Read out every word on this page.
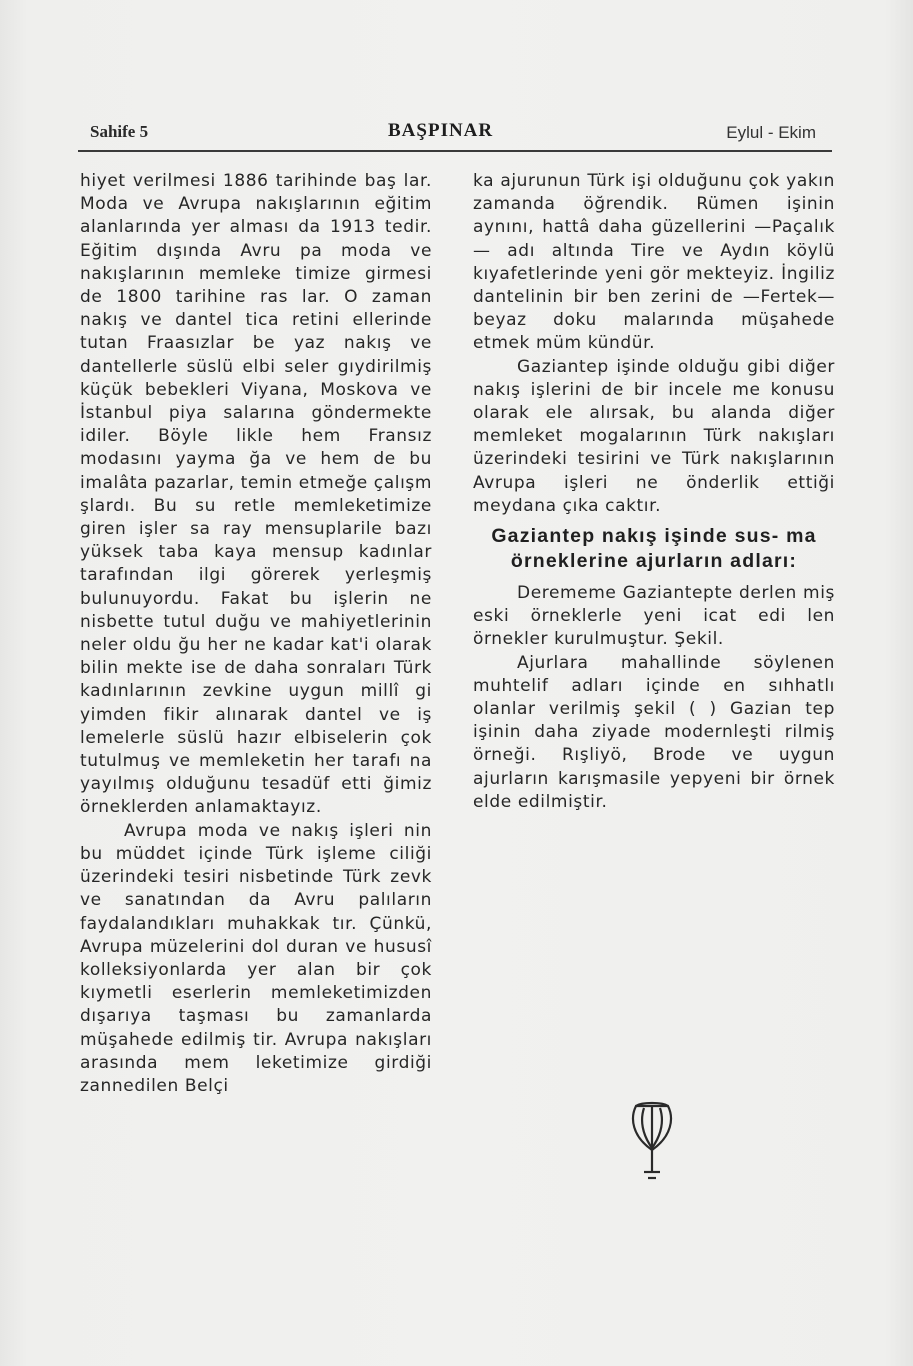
Sahife 5	BAŞPINAR	Eylul - Ekim

hiyet verilmesi 1886 tarihinde baş lar. Moda ve Avrupa nakışlarının eğitim alanlarında yer alması da 1913 tedir. Eğitim dışında Avru pa moda ve nakışlarının memleke timize girmesi de 1800 tarihine ras lar. O zaman nakış ve dantel tica retini ellerinde tutan Fraasızlar be yaz nakış ve dantellerle süslü elbi seler gıydirilmiş küçük bebekleri Viyana, Moskova ve İstanbul piya salarına göndermekte idiler. Böyle likle hem Fransız modasını yayma ğa ve hem de bu imalâta pazarlar, temin etmeğe çalışm şlardı. Bu su retle memleketimize giren işler sa ray mensuplarile bazı yüksek taba kaya mensup kadınlar tarafından ilgi görerek yerleşmiş bulunuyordu. Fakat bu işlerin ne nisbette tutul duğu ve mahiyetlerinin neler oldu ğu her ne kadar kat'i olarak bilin mekte ise de daha sonraları Türk kadınlarının zevkine uygun millî gi yimden fikir alınarak dantel ve iş lemelerle süslü hazır elbiselerin çok tutulmuş ve memleketin her tarafı na yayılmış olduğunu tesadüf etti ğimiz örneklerden anlamaktayız.

Avrupa moda ve nakış işleri nin bu müddet içinde Türk işleme ciliği üzerindeki tesiri nisbetinde Türk zevk ve sanatından da Avru palıların faydalandıkları muhakkak tır. Çünkü, Avrupa müzelerini dol duran ve hususî kolleksiyonlarda yer alan bir çok kıymetli eserlerin memleketimizden dışarıya taşması bu zamanlarda müşahede edilmiş tir. Avrupa nakışları arasında mem leketimize girdiği zannedilen Belçi

ka ajurunun Türk işi olduğunu çok yakın zamanda öğrendik. Rümen işinin aynını, hattâ daha güzellerini —Paçalık— adı altında Tire ve Aydın köylü kıyafetlerinde yeni gör mekteyiz. İngiliz dantelinin bir ben zerini de —Fertek— beyaz doku malarında müşahede etmek müm kündür.

Gaziantep işinde olduğu gibi diğer nakış işlerini de bir incele me konusu olarak ele alırsak, bu alanda diğer memleket mogalarının Türk nakışları üzerindeki tesirini ve Türk nakışlarının Avrupa işleri ne önderlik ettiği meydana çıka caktır.

Gaziantep nakış işinde sus- ma örneklerine ajurların adları:

Derememe Gaziantepte derlen miş eski örneklerle yeni icat edi len örnekler kurulmuştur. Şekil.

Ajurlara mahallinde söylenen muhtelif adları içinde en sıhhatlı olanlar verilmiş şekil ( ) Gazian tep işinin daha ziyade modernleşti rilmiş örneği. Rışliyö, Brode ve uygun ajurların karışmasile yepyeni bir örnek elde edilmiştir.
